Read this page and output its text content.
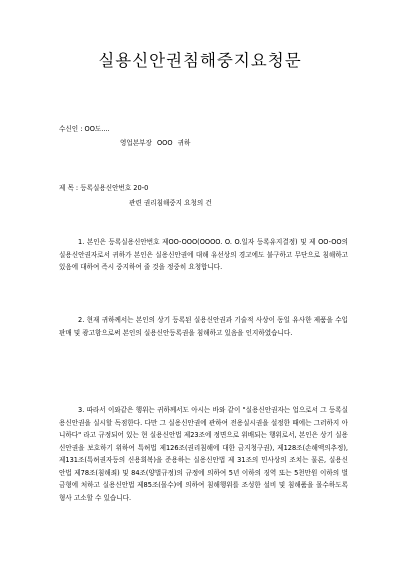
실용신안권침해중지요청문
수신인 : OO도....
영업본부장 OOO 귀하
제 목 : 등록실용신안번호 20-0
관련 권리침해중지 요청의 건
1. 본인은 등록실용신안번호 제OO-OOO(OOOO. O. O.일자 등록유지결정) 및 제 OO-OO의 실용신안권자로서 귀하가 본인은 실용신안권에 대해 유선상의 경고에도 불구하고 무단으로 침해하고 있음에 대하여 즉시 중지하여 줄 것을 정중히 요청합니다.
2. 현재 귀하께서는 본인의 상기 등록된 실용신안권과 기술적 사상이 동일 유사한 제품을 수입 판매 및 광고함으로써 본인의 실용신안등록권을 침해하고 있음을 인지하였습니다.
3. 따라서 이와같은 행위는 귀하께서도 아시는 바와 같이 "실용신안권자는 업으로서 그 등록실용신안권을 실시할 독점한다. 다만 그 실용신안권에 관하여 전용실시권을 설정한 때에는 그러하지 아니하다" 라고 규정되어 있는 현 실용신안법 제23조에 정면으로 위배되는 행위로서, 본인은 상기 실용신안권을 보호하기 위하여 특허법 제126조(권리침해에 대한 금지청구권), 제128조(손해액의추정), 제131조(특허권자등의 신용회복)을 준용하는 실용신안법 제 31조의 민사상의 조치는 물론, 실용신안법 제78조(침해죄) 및 84조(양벌규정)의 규정에 의하여 5년 이하의 징역 또는 5천만원 이하의 벌금형에 처하고 실용신안법 제85조(몰수)에 의하여 침해행위를 조성한 설비 및 침해품을 몰수하도록 형사 고소할 수 있습니다.
